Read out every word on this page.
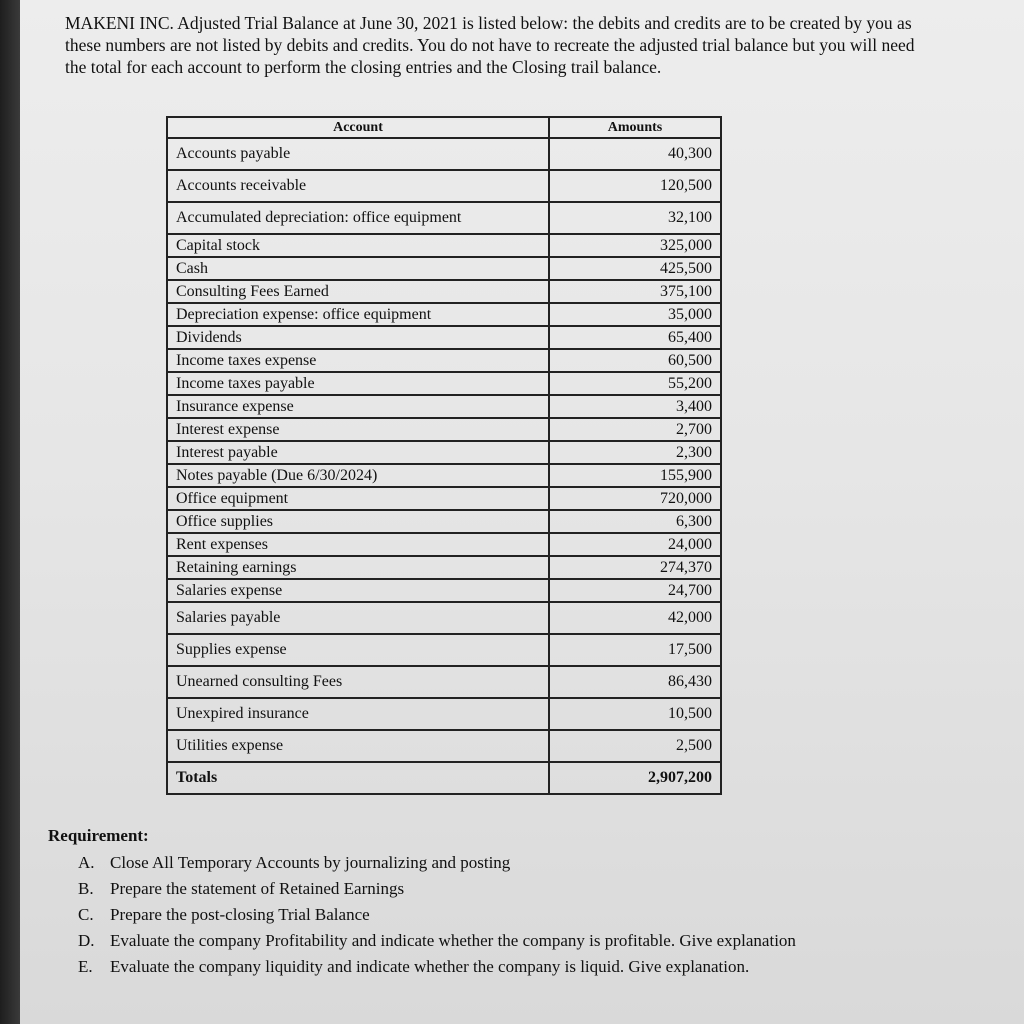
MAKENI INC. Adjusted Trial Balance at June 30, 2021 is listed below: the debits and credits are to be created by you as these numbers are not listed by debits and credits. You do not have to recreate the adjusted trial balance but you will need the total for each account to perform the closing entries and the Closing trail balance.

Account	Amounts
Accounts payable	40,300
Accounts receivable	120,500
Accumulated depreciation: office equipment	32,100
Capital stock	325,000
Cash	425,500
Consulting Fees Earned	375,100
Depreciation expense: office equipment	35,000
Dividends	65,400
Income taxes expense	60,500
Income taxes payable	55,200
Insurance expense	3,400
Interest expense	2,700
Interest payable	2,300
Notes payable (Due 6/30/2024)	155,900
Office equipment	720,000
Office supplies	6,300
Rent expenses	24,000
Retaining earnings	274,370
Salaries expense	24,700
Salaries payable	42,000
Supplies expense	17,500
Unearned consulting Fees	86,430
Unexpired insurance	10,500
Utilities expense	2,500
Totals	2,907,200

Requirement:

A. Close All Temporary Accounts by journalizing and posting
B. Prepare the statement of Retained Earnings
C. Prepare the post-closing Trial Balance
D. Evaluate the company Profitability and indicate whether the company is profitable. Give explanation
E.	Evaluate the company liquidity and indicate whether the company is liquid. Give explanation.
